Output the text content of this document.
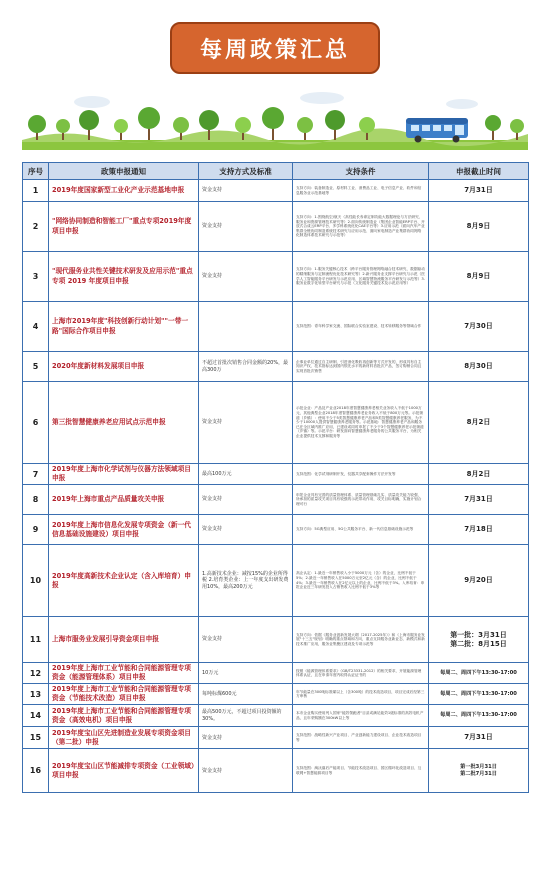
每周政策汇总
序号	政策申报通知	支持方式及标准	支持条件	申报截止时间
1	2019年度国家新型工业化产业示范基地申报	资金支持	支持方向：装备制造业、原材料工业、消费品工业、电子信息产业、软件和信息服务业示范基地等	7月31日
2	"网络协同制造和智能工厂"重点专项2019年度项目申报	资金支持	支持方向：1.围绕航空/航天（高性能长寿命定制功能大数据理论与方法研究、服务业和资源管理技术研究等）2.面向传统制造业（集团企业智能ERP平台、开放式合成云ERP平台、多学科系统优化CAE平台等）3.应用示范（面向汽车产业集群全链协同制造系统技术研究与应用示范、面向家电制造产业集群协同网络化制造体系技术研究与示范等）	8月9日
3	"现代服务业共性关键技术研发及应用示范"重点专项 2019 年度项目申报	资金支持	支持方向：1.服务关键核心技术（跨平台服务管理网络融合技术研究、数据驱动的精细服务与定制流程优化技术研究等）2.新兴服务业支撑平台研究与示范（医学人工智能服务平台研发与示范应用、区域智慧物流服务平台研发与示范等）3.服务业数字化转型平台研究与示范（文化服务关键技术及示范应用等）	8月9日
4	上海市2019年度"科技创新行动计划""一带一路"国际合作项目申报		支持范围：青年科学家交流、国际联合实验室建设、技术转移服务等领域合作	7月30日
5	2020年度新材料发展项目申报	不超过首批次销售合同金额的20%，最高300万	企事业单位通过自主研制，引进消化吸收再创新等方式开发的，形成具有自主知识产权、技术指标达到国内领先水平的新材料首批次产品，签订购销合同且实现首批次销售	8月30日
6	第三批智慧健康养老应用试点示范申报	资金支持	示范企业：产品及产业业2018年度智慧健康养老相关业务收入不低于1000万元，其他典型企业2018年度智慧健康养老业务收入不低于800万元等。示范街道（乡镇）：使用不少于5类智慧健康养老产品和5类智慧健康养老服务，为不少于10000人提供智慧健康养老服务等。示范基地：智慧健康养老产品和服务已在全区域内推广应用，已建设或同时申报了不少于3个智慧健康养老示范街道（乡镇）等。示范平台：研发面向智慧健康养老服务的公共服务平台，为相关企业提供技术支撑和服务等	8月2日
7	2019年度上海市化学试剂与仪器方法领域项目申报	最高100万元	支持范围：化学试剂研制开发，仪器共享配套操作方法开发等	8月2日
8	2019年上海市重点产品质量攻关申报	资金支持	申报企业具有完善的质量管理体系、质量管理基础扎实、质量攻关能力较强，所承担的质量攻关项目具有较强的示范带动作用，攻关目标明确，实施计划合理可行	7月31日
9	2019年度上海市信息化发展专项资金（新一代信息基础设施建设）项目申报	资金支持	支持方向：5G典型应用、5G公共服务平台、新一代信息基础设施示范等	7月18日
10	2019年度高新技术企业认定（含入库培育）申报	1.高新技术企业：减按15%的企业所得税 2.培育类企业：上一年度支出研发费用10%，最高200万元	高企认定：1.最近一年销售收入小于5000万元（含）的企业，比例不低于5%；2.最近一年销售收入在5000万元至2亿元（含）的企业，比例不低于4%；3.最近一年销售收入在2亿元以上的企业，比例不低于3%。入库培育：申报企业近三年研发投入占销售收入比例不低于3%等	9月20日
11	上海市服务业发展引导资金项目申报	资金支持	支持方向：依据《服务业创新发展大纲（2017-2025年）》和《上海市服务业发展"十三五"规划》明确的重点领域和方向，重点支持服务业新业态、新模式和新技术推广应用，服务业集聚区建设及专项示范等	第一批：3月31日
第二批：8月15日
12	2019年度上海市工业节能和合同能源管理专项资金（能源管理体系）项目申报	10万元	按照《能源管理体系要求》（GB/T23331-2012）的相关要求，开展能源管理体系认证，且在申请年度内取得认证证书的	每周二、周四下午13:30-17:00
13	2019年度上海市工业节能和合同能源管理专项资金（节能技术改造）项目申报	每吨标煤600元	年节能量在300吨标准煤以上（含300吨）的技术改造项目，项目完成后经第三方审核	每周二、周四下午13:30-17:00
14	2019年度上海市工业节能和合同能源管理专项资金（高效电机）项目申报	最高500万元，不超过项目投资额的30%。	本市企业购买使用列入国家"能效领跑者"目录或满足能效1级标准的高效电机产品，且年采购额在300kW以上等	每周二、周四下午13:30-17:00
15	2019年度宝山区先进制造业发展专项资金项目（第二批）申报	资金支持	支持范围：战略性新兴产业项目、产业创新能力建设项目、企业技术改造项目等	7月31日
16	2019年度宝山区节能减排专项资金（工业领域）项目申报	资金支持	支持范围：淘汰落后产能项目、节能技术改造项目、园区循环化改造项目、互联网+智慧能源项目等	第一批3月31日
第二批7月31日
